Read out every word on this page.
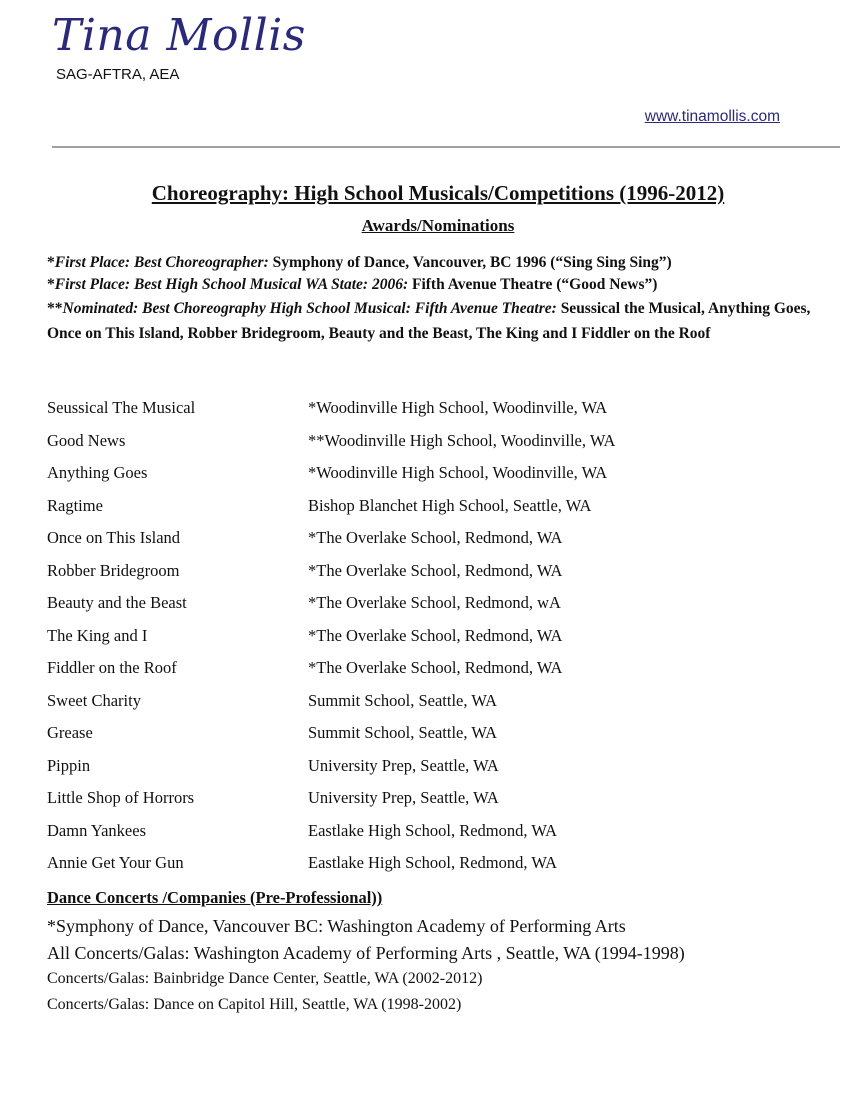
Tina Mollis
SAG-AFTRA, AEA
www.tinamollis.com
Choreography: High School Musicals/Competitions (1996-2012)
Awards/Nominations
*First Place: Best Choreographer: Symphony of Dance, Vancouver, BC 1996 (“Sing Sing Sing”)
*First Place: Best High School Musical WA State: 2006: Fifth Avenue Theatre (“Good News”)
**Nominated: Best Choreography High School Musical: Fifth Avenue Theatre: Seussical the Musical, Anything Goes, Once on This Island, Robber Bridegroom, Beauty and the Beast, The King and I Fiddler on the Roof
Seussical The Musical	*Woodinville High School, Woodinville, WA
Good News	**Woodinville High School, Woodinville, WA
Anything Goes	*Woodinville High School, Woodinville, WA
Ragtime	Bishop Blanchet High School, Seattle, WA
Once on This Island	*The Overlake School, Redmond, WA
Robber Bridegroom	*The Overlake School, Redmond, WA
Beauty and the Beast	*The Overlake School, Redmond, wA
The King and I	*The Overlake School, Redmond, WA
Fiddler on the Roof	*The Overlake School, Redmond, WA
Sweet Charity	Summit School, Seattle, WA
Grease	Summit School, Seattle, WA
Pippin	University Prep, Seattle, WA
Little Shop of Horrors	University Prep, Seattle, WA
Damn Yankees	Eastlake High School, Redmond, WA
Annie Get Your Gun	Eastlake High School, Redmond, WA
Dance Concerts /Companies (Pre-Professional))
*Symphony of Dance, Vancouver BC: Washington Academy of Performing Arts
All Concerts/Galas: Washington Academy of Performing Arts , Seattle, WA (1994-1998)
Concerts/Galas: Bainbridge Dance Center, Seattle, WA (2002-2012)
Concerts/Galas: Dance on Capitol Hill, Seattle, WA (1998-2002)
